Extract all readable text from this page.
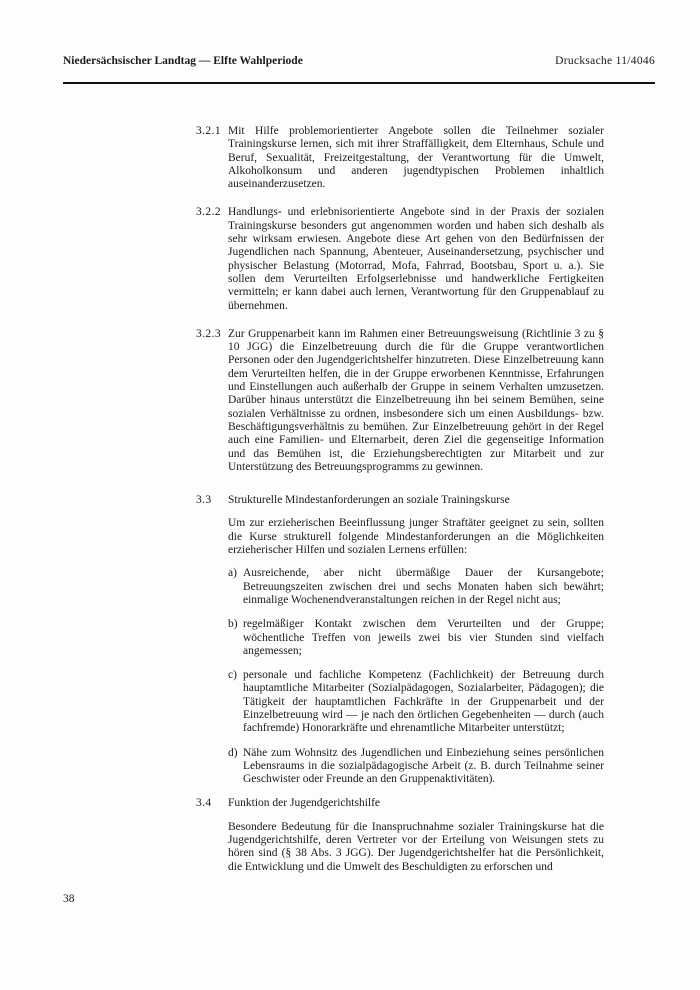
Niedersächsischer Landtag — Elfte Wahlperiode	Drucksache 11/4046
3.2.1 Mit Hilfe problemorientierter Angebote sollen die Teilnehmer sozialer Trainingskurse lernen, sich mit ihrer Straffälligkeit, dem Elternhaus, Schule und Beruf, Sexualität, Freizeitgestaltung, der Verantwortung für die Umwelt, Alkoholkonsum und anderen jugendtypischen Problemen inhaltlich auseinanderzusetzen.
3.2.2 Handlungs- und erlebnisorientierte Angebote sind in der Praxis der sozialen Trainingskurse besonders gut angenommen worden und haben sich deshalb als sehr wirksam erwiesen. Angebote diese Art gehen von den Bedürfnissen der Jugendlichen nach Spannung, Abenteuer, Auseinandersetzung, psychischer und physischer Belastung (Motorrad, Mofa, Fahrrad, Bootsbau, Sport u. a.). Sie sollen dem Verurteilten Erfolgserlebnisse und handwerkliche Fertigkeiten vermitteln; er kann dabei auch lernen, Verantwortung für den Gruppenablauf zu übernehmen.
3.2.3 Zur Gruppenarbeit kann im Rahmen einer Betreuungsweisung (Richtlinie 3 zu § 10 JGG) die Einzelbetreuung durch die für die Gruppe verantwortlichen Personen oder den Jugendgerichtshelfer hinzutreten. Diese Einzelbetreuung kann dem Verurteilten helfen, die in der Gruppe erworbenen Kenntnisse, Erfahrungen und Einstellungen auch außerhalb der Gruppe in seinem Verhalten umzusetzen. Darüber hinaus unterstützt die Einzelbetreuung ihn bei seinem Bemühen, seine sozialen Verhältnisse zu ordnen, insbesondere sich um einen Ausbildungs- bzw. Beschäftigungsverhältnis zu bemühen. Zur Einzelbetreuung gehört in der Regel auch eine Familien- und Elternarbeit, deren Ziel die gegenseitige Information und das Bemühen ist, die Erziehungsberechtigten zur Mitarbeit und zur Unterstützung des Betreuungsprogramms zu gewinnen.
3.3 Strukturelle Mindestanforderungen an soziale Trainingskurse
Um zur erzieherischen Beeinflussung junger Straftäter geeignet zu sein, sollten die Kurse strukturell folgende Mindestanforderungen an die Möglichkeiten erzieherischer Hilfen und sozialen Lernens erfüllen:
a) Ausreichende, aber nicht übermäßige Dauer der Kursangebote; Betreuungszeiten zwischen drei und sechs Monaten haben sich bewährt; einmalige Wochenendveranstaltungen reichen in der Regel nicht aus;
b) regelmäßiger Kontakt zwischen dem Verurteilten und der Gruppe; wöchentliche Treffen von jeweils zwei bis vier Stunden sind vielfach angemessen;
c) personale und fachliche Kompetenz (Fachlichkeit) der Betreuung durch hauptamtliche Mitarbeiter (Sozialpädagogen, Sozialarbeiter, Pädagogen); die Tätigkeit der hauptamtlichen Fachkräfte in der Gruppenarbeit und der Einzelbetreuung wird — je nach den örtlichen Gegebenheiten — durch (auch fachfremde) Honorarkräfte und ehrenamtliche Mitarbeiter unterstützt;
d) Nähe zum Wohnsitz des Jugendlichen und Einbeziehung seines persönlichen Lebensraums in die sozialpädagogische Arbeit (z. B. durch Teilnahme seiner Geschwister oder Freunde an den Gruppenaktivitäten).
3.4 Funktion der Jugendgerichtshilfe
Besondere Bedeutung für die Inanspruchnahme sozialer Trainingskurse hat die Jugendgerichtshilfe, deren Vertreter vor der Erteilung von Weisungen stets zu hören sind (§ 38 Abs. 3 JGG). Der Jugendgerichtshelfer hat die Persönlichkeit, die Entwicklung und die Umwelt des Beschuldigten zu erforschen und
38
